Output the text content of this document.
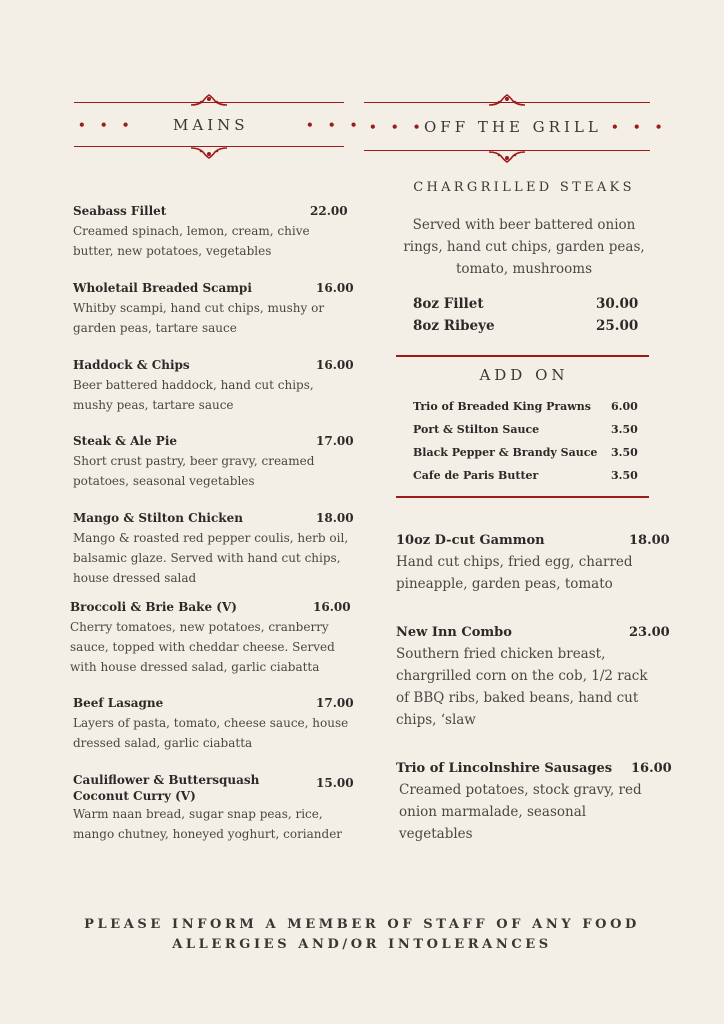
• • •	MAINS	• • • • • •
OFF THE GRILL • • •
Seabass Fillet	22.00
Creamed spinach, lemon, cream, chive
butter, new potatoes, vegetables
Wholetail Breaded Scampi	16.00
Whitby scampi, hand cut chips, mushy or
garden peas, tartare sauce
Haddock & Chips	16.00
Beer battered haddock, hand cut chips,
mushy peas, tartare sauce
Steak & Ale Pie	17.00
Short crust pastry, beer gravy, creamed
potatoes, seasonal vegetables
Mango & Stilton Chicken	18.00
Mango & roasted red pepper coulis, herb oil,
balsamic glaze. Served with hand cut chips,
house dressed salad
Broccoli & Brie Bake (V)	16.00
Cherry tomatoes, new potatoes, cranberry
sauce, topped with cheddar cheese. Served
with house dressed salad, garlic ciabatta
Beef Lasagne	17.00
Layers of pasta, tomato, cheese sauce, house
dressed salad, garlic ciabatta
Cauliflower & Buttersquash
Coconut Curry (V)
15.00
Warm naan bread, sugar snap peas, rice,
mango chutney, honeyed yoghurt, coriander
CHARGRILLED STEAKS
Served with beer battered onion
rings, hand cut chips, garden peas,
tomato, mushrooms
8oz Fillet	30.00
8oz Ribeye	25.00
ADD ON
Trio of Breaded King Prawns 6.00
Port & Stilton Sauce	3.50
Black Pepper & Brandy Sauce 3.50
Cafe de Paris Butter	3.50
10oz D-cut Gammon	18.00
Hand cut chips, fried egg, charred
pineapple, garden peas, tomato
New Inn Combo	23.00
Southern fried chicken breast,
chargrilled corn on the cob, 1/2 rack
of BBQ ribs, baked beans, hand cut
chips, ‘slaw
Trio of Lincolnshire Sausages	16.00
Creamed potatoes, stock gravy, red
onion marmalade, seasonal
vegetables
PLEASE INFORM A MEMBER OF STAFF OF ANY FOOD
ALLERGIES AND/OR INTOLERANCES
